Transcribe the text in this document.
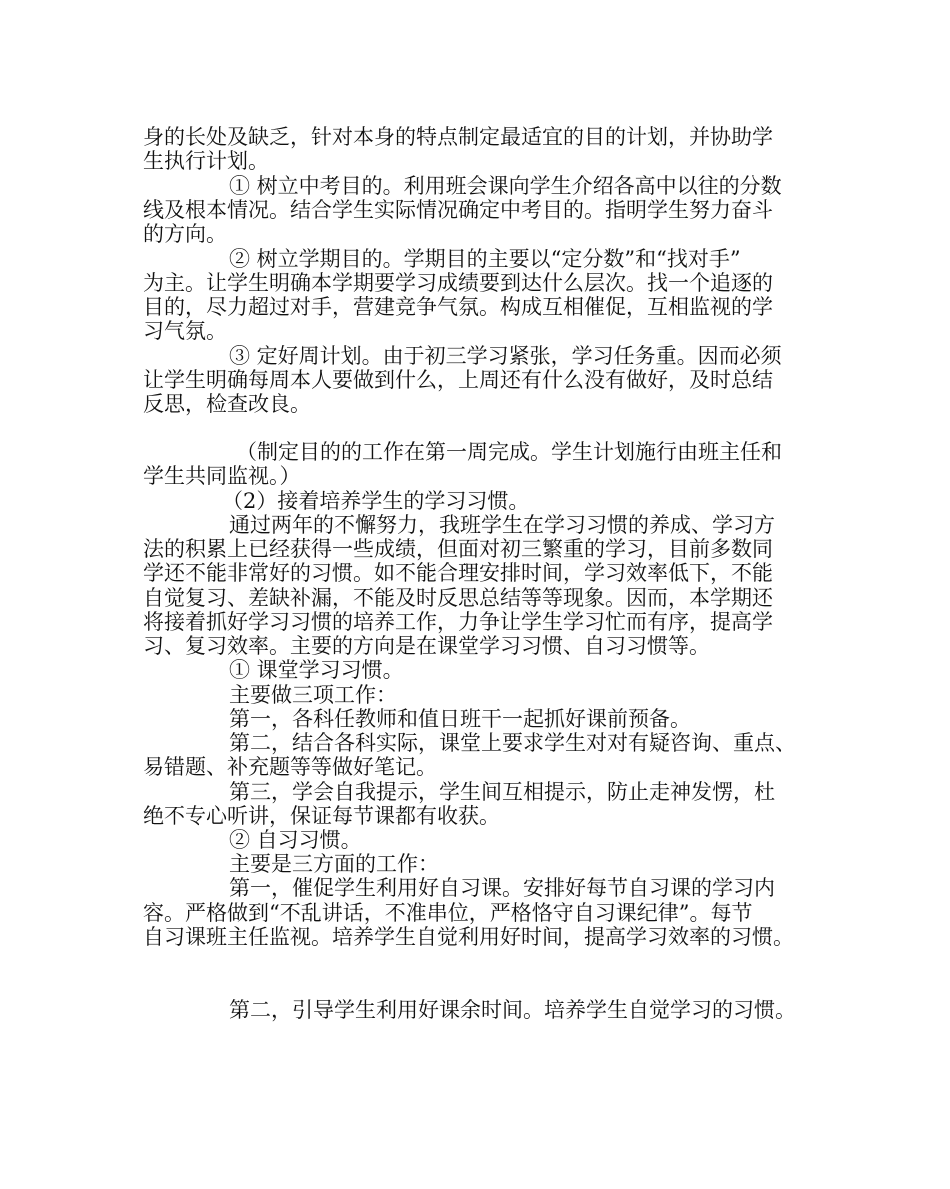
身的长处及缺乏，针对本身的特点制定最适宜的目的计划，并协助学
生执行计划。
① 树立中考目的。利用班会课向学生介绍各高中以往的分数
线及根本情况。结合学生实际情况确定中考目的。指明学生努力奋斗
的方向。
② 树立学期目的。学期目的主要以“定分数”和“找对手”
为主。让学生明确本学期要学习成绩要到达什么层次。找一个追逐的
目的，尽力超过对手，营建竞争气氛。构成互相催促，互相监视的学
习气氛。
③ 定好周计划。由于初三学习紧张，学习任务重。因而必须
让学生明确每周本人要做到什么，上周还有什么没有做好，及时总结
反思，检查改良。
（制定目的的工作在第一周完成。学生计划施行由班主任和
学生共同监视。）
（2）接着培养学生的学习习惯。
通过两年的不懈努力，我班学生在学习习惯的养成、学习方
法的积累上已经获得一些成绩，但面对初三繁重的学习，目前多数同
学还不能非常好的习惯。如不能合理安排时间，学习效率低下，不能
自觉复习、差缺补漏，不能及时反思总结等等现象。因而，本学期还
将接着抓好学习习惯的培养工作，力争让学生学习忙而有序，提高学
习、复习效率。主要的方向是在课堂学习习惯、自习习惯等。
① 课堂学习习惯。
主要做三项工作：
第一，各科任教师和值日班干一起抓好课前预备。
第二，结合各科实际，课堂上要求学生对对有疑咨询、重点、
易错题、补充题等等做好笔记。
第三，学会自我提示，学生间互相提示，防止走神发愣，杜
绝不专心听讲，保证每节课都有收获。
② 自习习惯。
主要是三方面的工作：
第一，催促学生利用好自习课。安排好每节自习课的学习内
容。严格做到“不乱讲话，不准串位，严格恪守自习课纪律”。每节
自习课班主任监视。培养学生自觉利用好时间，提高学习效率的习惯。
第二，引导学生利用好课余时间。培养学生自觉学习的习惯。
